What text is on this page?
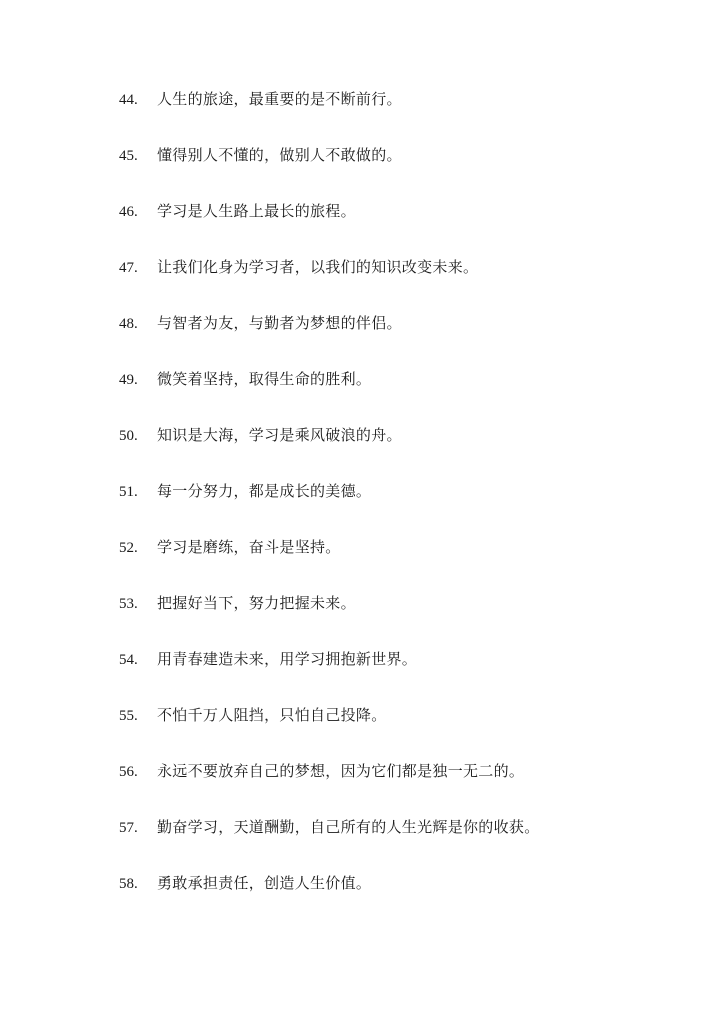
44. 人生的旅途，最重要的是不断前行。
45. 懂得别人不懂的，做别人不敢做的。
46. 学习是人生路上最长的旅程。
47. 让我们化身为学习者，以我们的知识改变未来。
48. 与智者为友，与勤者为梦想的伴侣。
49. 微笑着坚持，取得生命的胜利。
50. 知识是大海，学习是乘风破浪的舟。
51. 每一分努力，都是成长的美德。
52. 学习是磨练，奋斗是坚持。
53. 把握好当下，努力把握未来。
54. 用青春建造未来，用学习拥抱新世界。
55. 不怕千万人阻挡，只怕自己投降。
56. 永远不要放弃自己的梦想，因为它们都是独一无二的。
57. 勤奋学习，天道酬勤，自己所有的人生光辉是你的收获。
58. 勇敢承担责任，创造人生价值。
